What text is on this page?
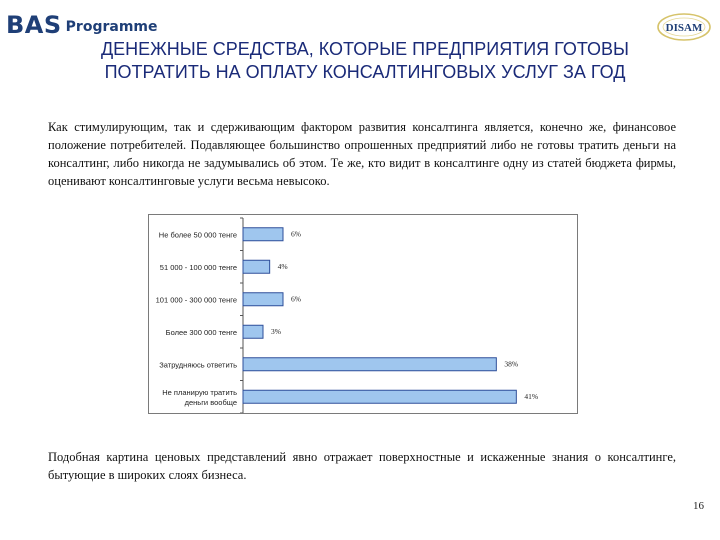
BAS Programme	DISAM
ДЕНЕЖНЫЕ СРЕДСТВА, КОТОРЫЕ ПРЕДПРИЯТИЯ ГОТОВЫ
ПОТРАТИТЬ НА ОПЛАТУ КОНСАЛТИНГОВЫХ УСЛУГ ЗА ГОД
Как стимулирующим, так и сдерживающим фактором развития консалтинга является, конечно же, финансовое положение потребителей. Подавляющее большинство опрошенных предприятий либо не готовы тратить деньги на консалтинг, либо никогда не задумывались об этом. Те же, кто видит в консалтинге одну из статей бюджета фирмы, оценивают консалтинговые услуги весьма невысоко.
Не более 50 000 тенге	6%
51 000 - 100 000 тенге	4%
101 000 - 300 000 тенге	6%
Более 300 000 тенге	3%
Затрудняюсь ответить	38%
Не планирую тратить деньги вообще
41%
Подобная картина ценовых представлений явно отражает поверхностные и искаженные знания о консалтинге, бытующие в широких слоях бизнеса.
16
